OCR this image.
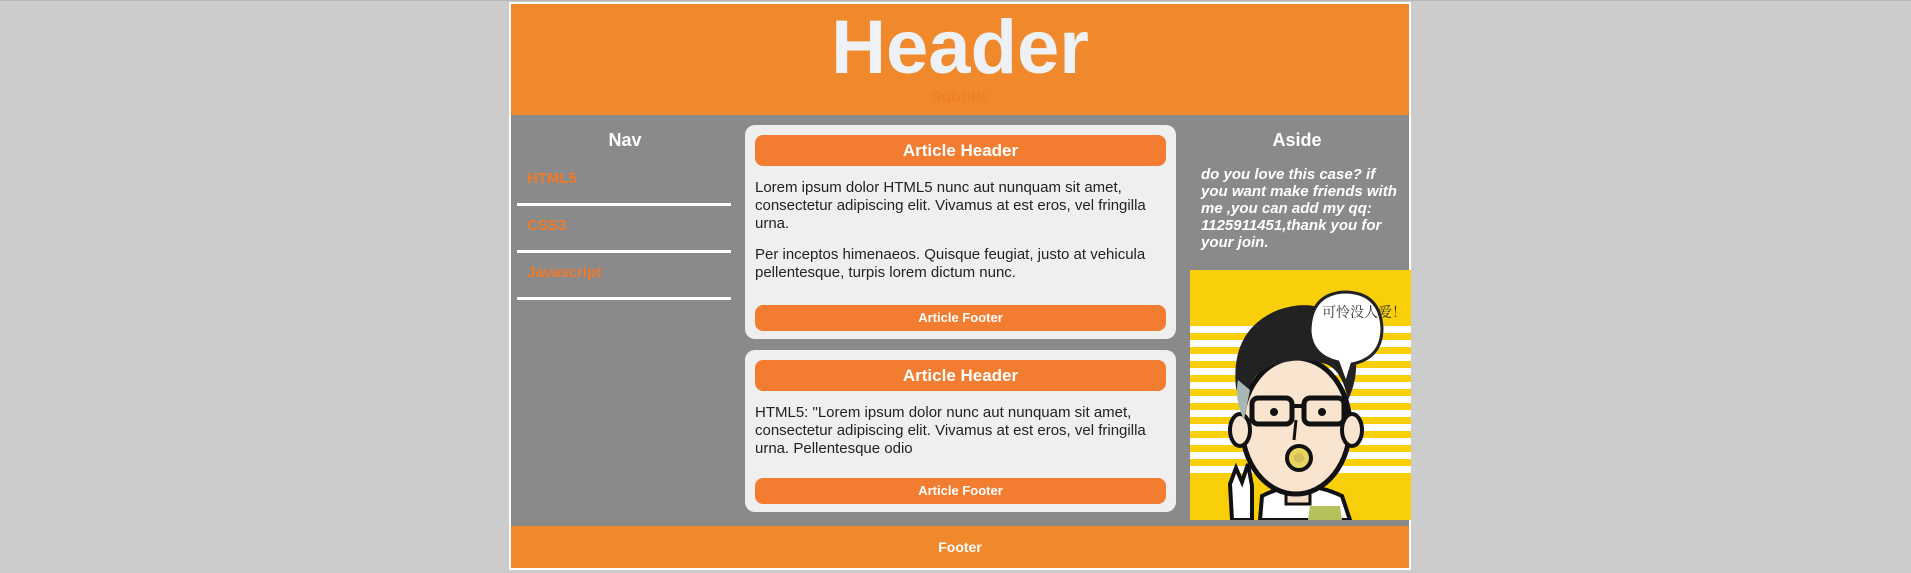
Header
Subtitle
Nav
HTML5
CSS3
Javascript
Article Header

Lorem ipsum dolor HTML5 nunc aut nunquam sit amet, consectetur adipiscing elit. Vivamus at est eros, vel fringilla urna.

Per inceptos himenaeos. Quisque feugiat, justo at vehicula pellentesque, turpis lorem dictum nunc.

Article Footer
Article Header

HTML5: "Lorem ipsum dolor nunc aut nunquam sit amet, consectetur adipiscing elit. Vivamus at est eros, vel fringilla urna. Pellentesque odio

Article Footer
Aside

do you love this case? if you want make friends with me ,you can add my qq: 1125911451,thank you for your join.

可怜没人爱！
Footer
